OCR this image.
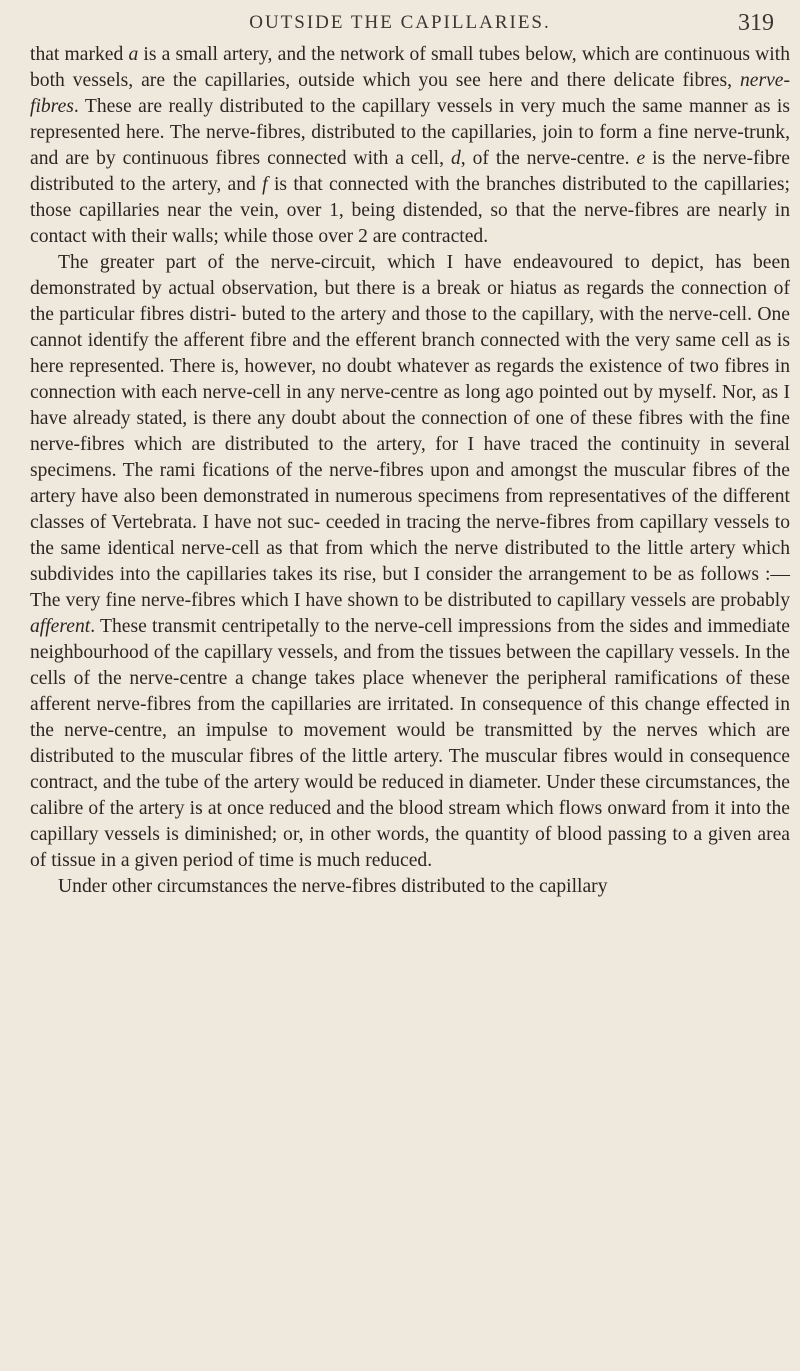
OUTSIDE THE CAPILLARIES.	319

that marked a is a small artery, and the network of small tubes below, which are continuous with both vessels, are the capillaries, outside which you see here and there delicate fibres, nerve-fibres. These are really distributed to the capillary vessels in very much the same manner as is represented here. The nerve-fibres, distributed to the capillaries, join to form a fine nerve-trunk, and are by continuous fibres connected with a cell, d, of the nerve-centre. e is the nerve-fibre distributed to the artery, and f is that connected with the branches distributed to the capillaries; those capillaries near the vein, over 1, being distended, so that the nerve-fibres are nearly in contact with their walls; while those over 2 are contracted.

The greater part of the nerve-circuit, which I have endeavoured to depict, has been demonstrated by actual observation, but there is a break or hiatus as regards the connection of the particular fibres distri- buted to the artery and those to the capillary, with the nerve-cell. One cannot identify the afferent fibre and the efferent branch connected with the very same cell as is here represented. There is, however, no doubt whatever as regards the existence of two fibres in connection with each nerve-cell in any nerve-centre as long ago pointed out by myself. Nor, as I have already stated, is there any doubt about the connection of one of these fibres with the fine nerve-fibres which are distributed to the artery, for I have traced the continuity in several specimens. The rami fications of the nerve-fibres upon and amongst the muscular fibres of the artery have also been demonstrated in numerous specimens from representatives of the different classes of Vertebrata. I have not suc- ceeded in tracing the nerve-fibres from capillary vessels to the same identical nerve-cell as that from which the nerve distributed to the little artery which subdivides into the capillaries takes its rise, but I consider the arrangement to be as follows :—The very fine nerve-fibres which I have shown to be distributed to capillary vessels are probably afferent. These transmit centripetally to the nerve-cell impressions from the sides and immediate neighbourhood of the capillary vessels, and from the tissues between the capillary vessels. In the cells of the nerve-centre a change takes place whenever the peripheral ramifications of these afferent nerve-fibres from the capillaries are irritated. In consequence of this change effected in the nerve-centre, an impulse to movement would be transmitted by the nerves which are distributed to the muscular fibres of the little artery. The muscular fibres would in consequence contract, and the tube of the artery would be reduced in diameter. Under these circumstances, the calibre of the artery is at once reduced and the blood stream which flows onward from it into the capillary vessels is diminished; or, in other words, the quantity of blood passing to a given area of tissue in a given period of time is much reduced.

Under other circumstances the nerve-fibres distributed to the capillary
